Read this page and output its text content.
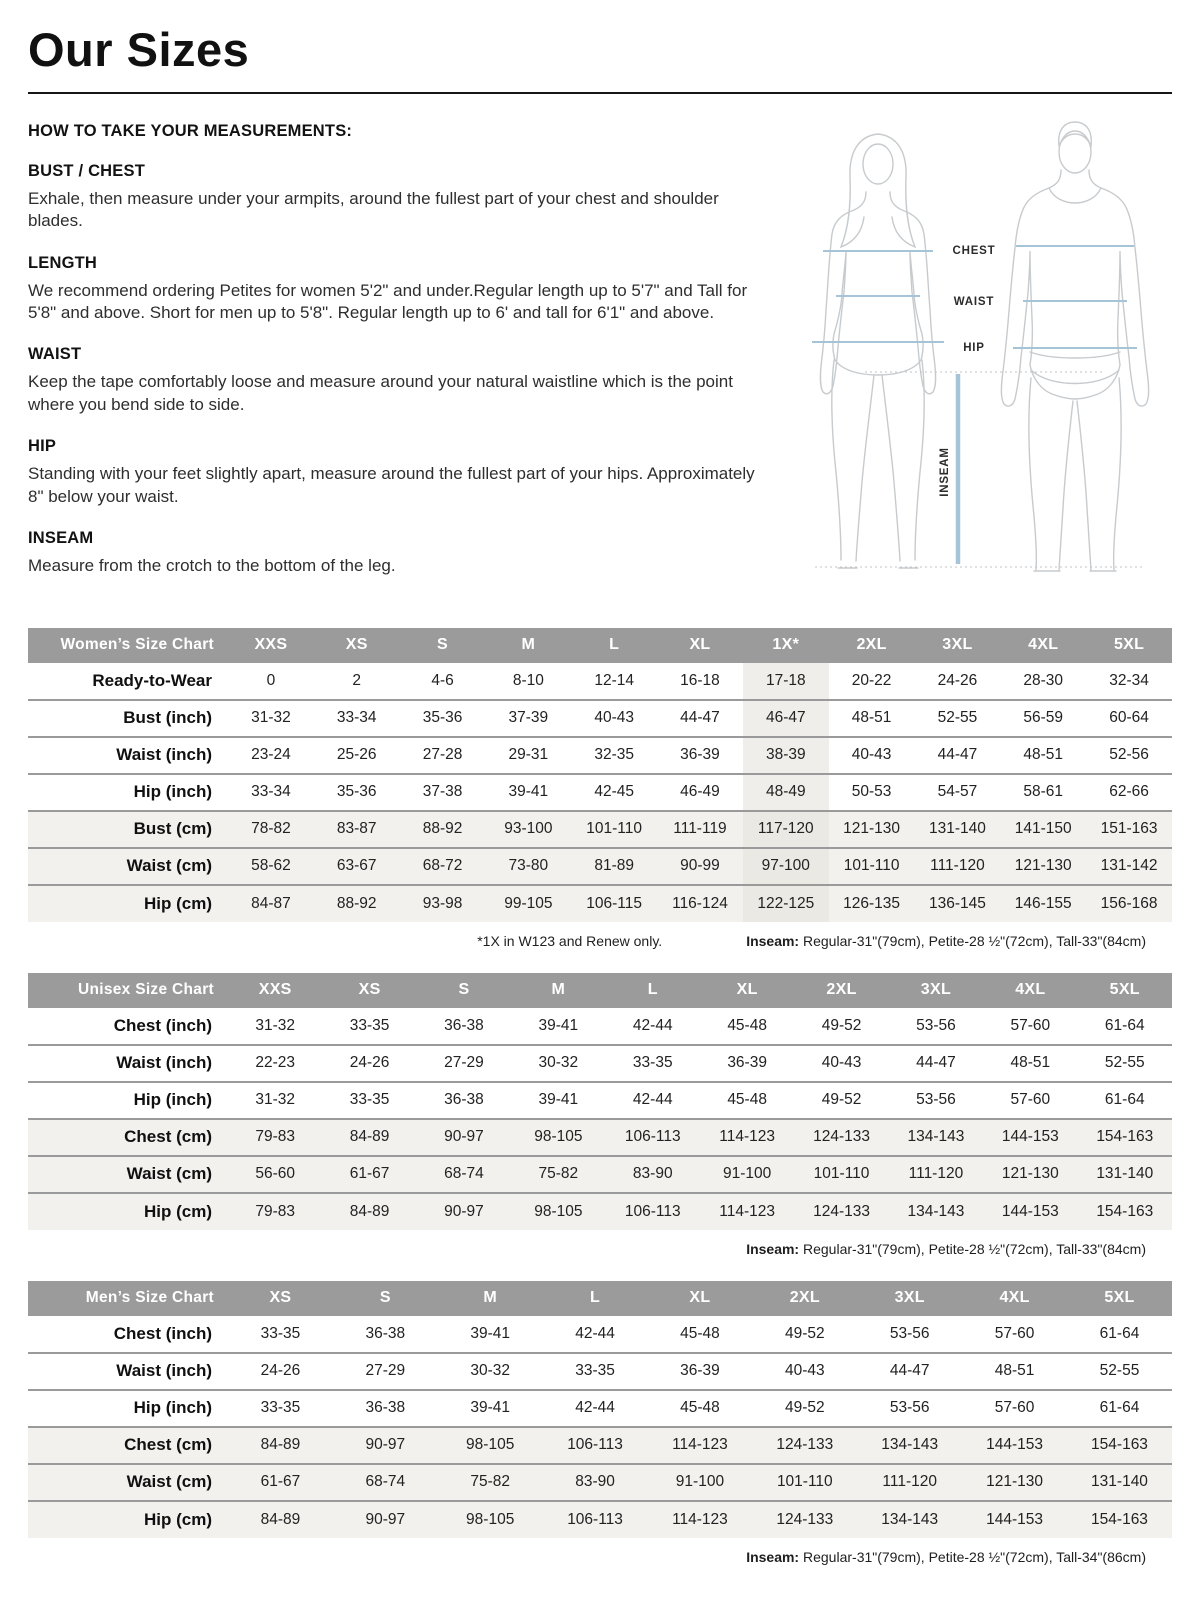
Our Sizes
HOW TO TAKE YOUR MEASUREMENTS:
BUST / CHEST
Exhale, then measure under your armpits, around the fullest part of your chest and shoulder blades.
LENGTH
We recommend ordering Petites for women 5'2" and under.Regular length up to 5'7" and Tall for 5'8" and above. Short for men up to 5'8". Regular length up to 6' and tall for 6'1" and above.
WAIST
Keep the tape comfortably loose and measure around your natural waistline which is the point where you bend side to side.
HIP
Standing with your feet slightly apart, measure around the fullest part of your hips. Approximately 8" below your waist.
INSEAM
Measure from the crotch to the bottom of the leg.
CHEST
WAIST
HIP
INSEAM
Women’s Size Chart	XXS	XS	S	M	L	XL	1X*	2XL	3XL	4XL	5XL
Ready-to-Wear	0	2	4-6	8-10	12-14	16-18	17-18	20-22	24-26	28-30	32-34
Bust (inch)	31-32	33-34	35-36	37-39	40-43	44-47	46-47	48-51	52-55	56-59	60-64
Waist (inch)	23-24	25-26	27-28	29-31	32-35	36-39	38-39	40-43	44-47	48-51	52-56
Hip (inch)	33-34	35-36	37-38	39-41	42-45	46-49	48-49	50-53	54-57	58-61	62-66
Bust (cm)	78-82	83-87	88-92	93-100	101-110	111-119	117-120	121-130	131-140	141-150	151-163
Waist (cm)	58-62	63-67	68-72	73-80	81-89	90-99	97-100	101-110	111-120	121-130	131-142
Hip (cm)	84-87	88-92	93-98	99-105	106-115	116-124	122-125	126-135	136-145	146-155	156-168
*1X in W123 and Renew only.	Inseam: Regular-31"(79cm), Petite-28 ½"(72cm), Tall-33"(84cm)
Unisex Size Chart	XXS	XS	S	M	L	XL	2XL	3XL	4XL	5XL
Chest (inch)	31-32	33-35	36-38	39-41	42-44	45-48	49-52	53-56	57-60	61-64
Waist (inch)	22-23	24-26	27-29	30-32	33-35	36-39	40-43	44-47	48-51	52-55
Hip (inch)	31-32	33-35	36-38	39-41	42-44	45-48	49-52	53-56	57-60	61-64
Chest (cm)	79-83	84-89	90-97	98-105	106-113	114-123	124-133	134-143	144-153	154-163
Waist (cm)	56-60	61-67	68-74	75-82	83-90	91-100	101-110	111-120	121-130	131-140
Hip (cm)	79-83	84-89	90-97	98-105	106-113	114-123	124-133	134-143	144-153	154-163
Inseam: Regular-31"(79cm), Petite-28 ½"(72cm), Tall-33"(84cm)
Men’s Size Chart	XS	S	M	L	XL	2XL	3XL	4XL	5XL
Chest (inch)	33-35	36-38	39-41	42-44	45-48	49-52	53-56	57-60	61-64
Waist (inch)	24-26	27-29	30-32	33-35	36-39	40-43	44-47	48-51	52-55
Hip (inch)	33-35	36-38	39-41	42-44	45-48	49-52	53-56	57-60	61-64
Chest (cm)	84-89	90-97	98-105	106-113	114-123	124-133	134-143	144-153	154-163
Waist (cm)	61-67	68-74	75-82	83-90	91-100	101-110	111-120	121-130	131-140
Hip (cm)	84-89	90-97	98-105	106-113	114-123	124-133	134-143	144-153	154-163
Inseam: Regular-31"(79cm), Petite-28 ½"(72cm), Tall-34"(86cm)
